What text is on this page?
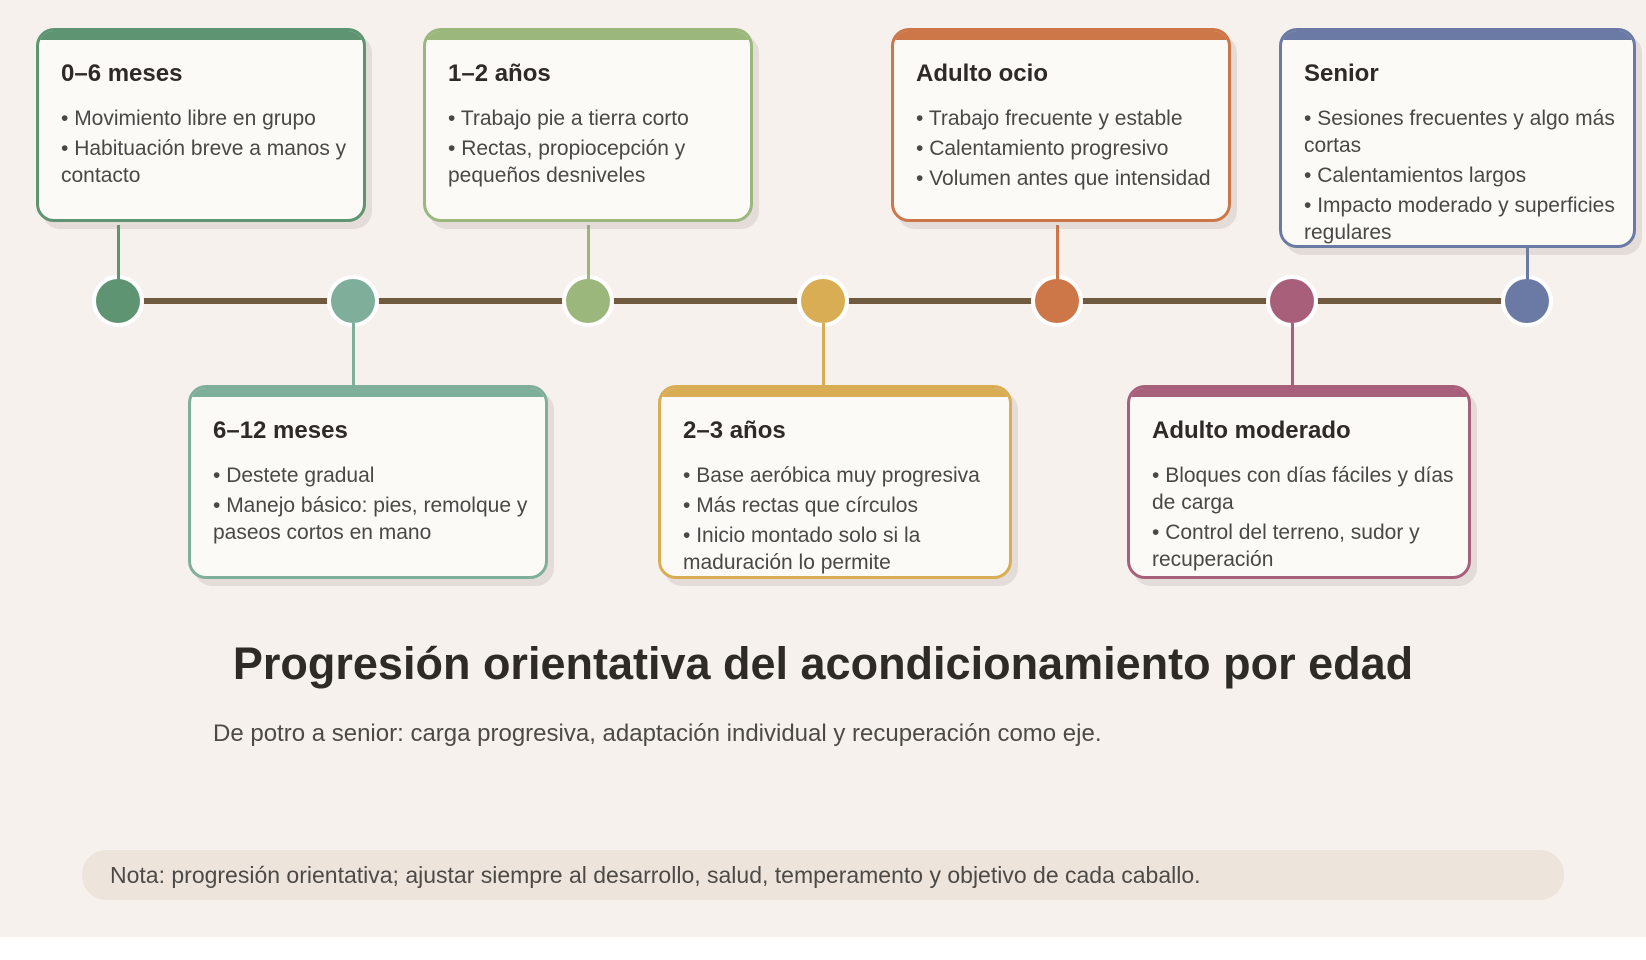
0–6 meses
• Movimiento libre en grupo
• Habituación breve a manos y contacto
6–12 meses
• Destete gradual
• Manejo básico: pies, remolque y paseos cortos en mano
1–2 años
• Trabajo pie a tierra corto
• Rectas, propiocepción y pequeños desniveles
2–3 años
• Base aeróbica muy progresiva
• Más rectas que círculos
• Inicio montado solo si la maduración lo permite
Adulto ocio
• Trabajo frecuente y estable
• Calentamiento progresivo
• Volumen antes que intensidad
Adulto moderado
• Bloques con días fáciles y días de carga
• Control del terreno, sudor y recuperación
Senior
• Sesiones frecuentes y algo más cortas
• Calentamientos largos
• Impacto moderado y superficies regulares
Progresión orientativa del acondicionamiento por edad

De potro a senior: carga progresiva, adaptación individual y recuperación como eje.

Nota: progresión orientativa; ajustar siempre al desarrollo, salud, temperamento y objetivo de cada caballo.
